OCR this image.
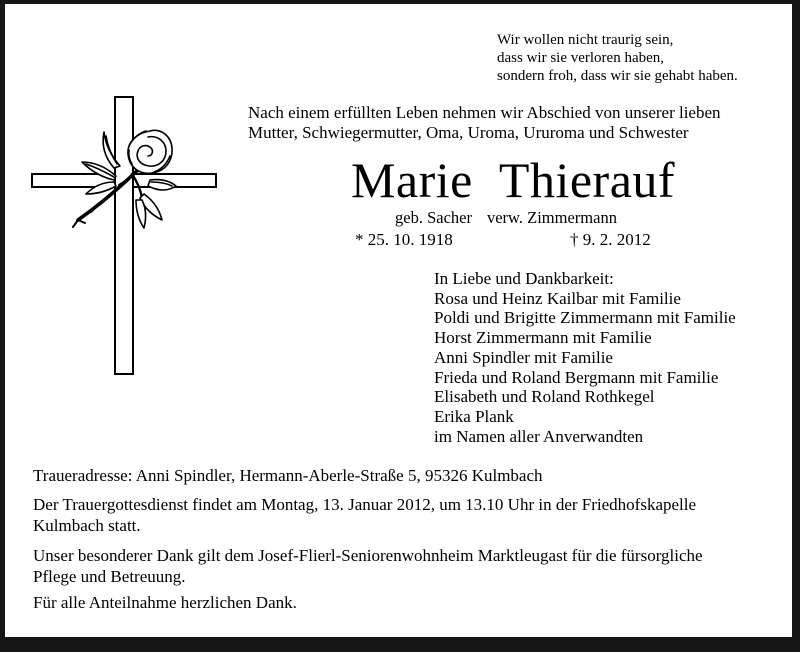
Wir wollen nicht traurig sein,
dass wir sie verloren haben,
sondern froh, dass wir sie gehabt haben.
Nach einem erfüllten Leben nehmen wir Abschied von unserer lieben
Mutter, Schwiegermutter, Oma, Uroma, Ururoma und Schwester
Marie Thierauf
geb. Sacher verw. Zimmermann
* 25. 10. 1918	† 9. 2. 2012
In Liebe und Dankbarkeit:
Rosa und Heinz Kailbar mit Familie
Poldi und Brigitte Zimmermann mit Familie
Horst Zimmermann mit Familie
Anni Spindler mit Familie
Frieda und Roland Bergmann mit Familie
Elisabeth und Roland Rothkegel
Erika Plank
im Namen aller Anverwandten
Traueradresse: Anni Spindler, Hermann-Aberle-Straße 5, 95326 Kulmbach
Der Trauergottesdienst findet am Montag, 13. Januar 2012, um 13.10 Uhr in der Friedhofskapelle
Kulmbach statt.
Unser besonderer Dank gilt dem Josef-Flierl-Seniorenwohnheim Marktleugast für die fürsorgliche
Pflege und Betreuung.
Für alle Anteilnahme herzlichen Dank.
